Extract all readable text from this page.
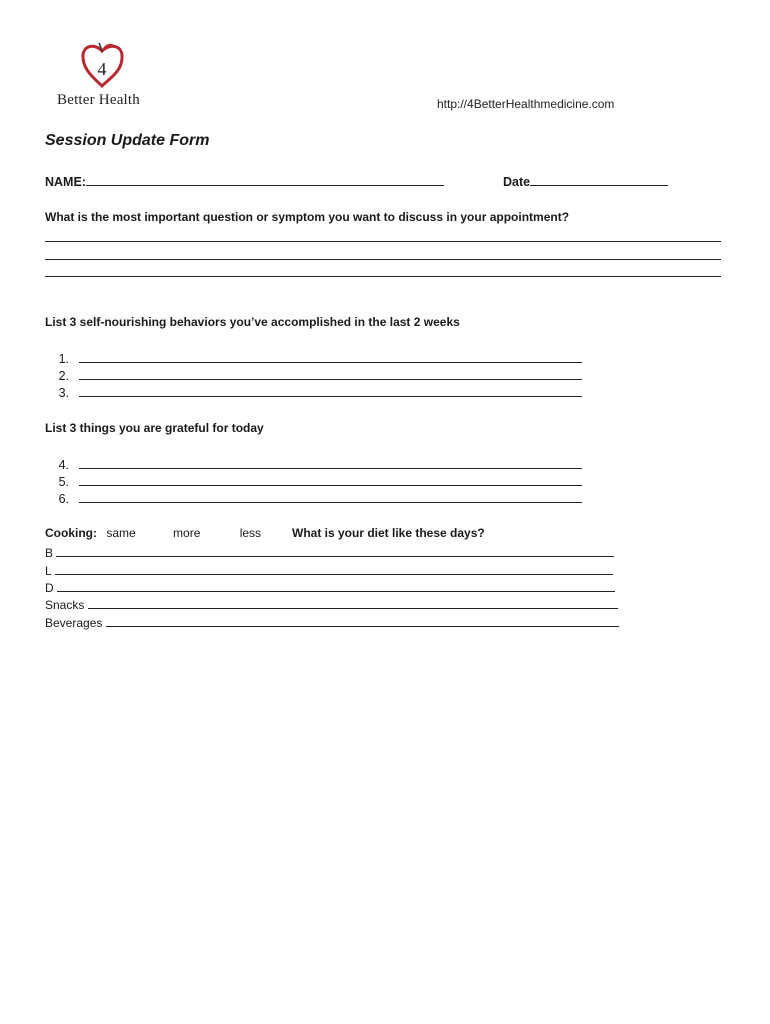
4
Better Health	http://4BetterHealthmedicine.com
Session Update Form
NAME:	Date
What is the most important question or symptom you want to discuss in your appointment?
List 3 self-nourishing behaviors you’ve accomplished in the last 2 weeks
1.
2.
3.
List 3 things you are grateful for today
4.
5.
6.
Cooking: same	more	less	What is your diet like these days?
B
L
D
Snacks
Beverages
